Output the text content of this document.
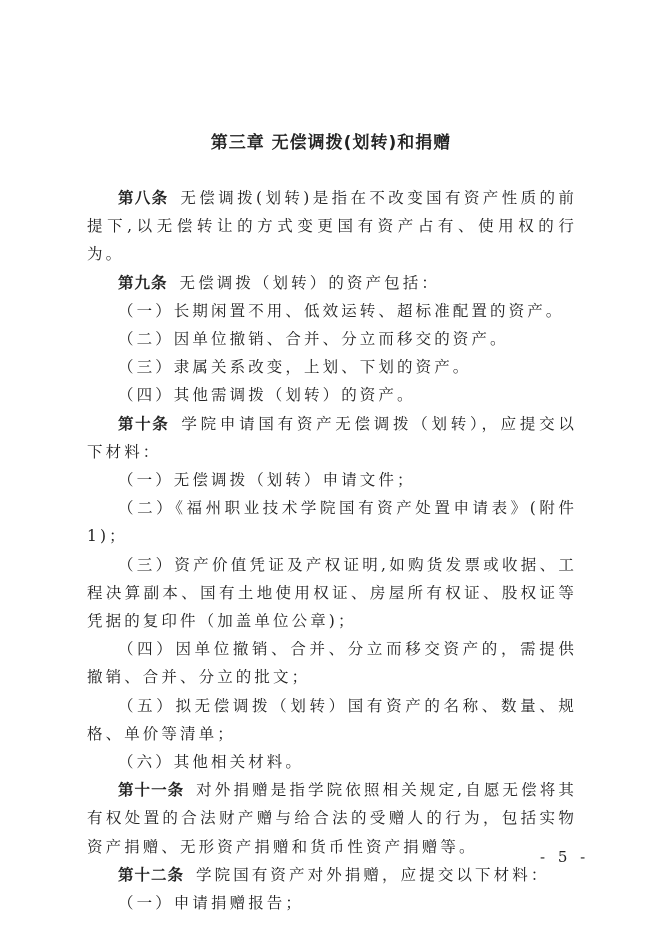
第三章 无偿调拨(划转)和捐赠

第八条 无偿调拨(划转)是指在不改变国有资产性质的前提下,以无偿转让的方式变更国有资产占有、使用权的行为。

第九条 无偿调拨（划转）的资产包括：

（一）长期闲置不用、低效运转、超标准配置的资产。

（二）因单位撤销、合并、分立而移交的资产。

（三）隶属关系改变，上划、下划的资产。

（四）其他需调拨（划转）的资产。

第十条 学院申请国有资产无偿调拨（划转），应提交以下材料：

（一）无偿调拨（划转）申请文件；

（二）《福州职业技术学院国有资产处置申请表》(附件 1)；

（三）资产价值凭证及产权证明,如购货发票或收据、工程决算副本、国有土地使用权证、房屋所有权证、股权证等凭据的复印件（加盖单位公章)；

（四）因单位撤销、合并、分立而移交资产的，需提供撤销、合并、分立的批文；

（五）拟无偿调拨（划转）国有资产的名称、数量、规格、单价等清单；

（六）其他相关材料。

第十一条 对外捐赠是指学院依照相关规定,自愿无偿将其有权处置的合法财产赠与给合法的受赠人的行为，包括实物资产捐赠、无形资产捐赠和货币性资产捐赠等。

第十二条 学院国有资产对外捐赠，应提交以下材料：

（一）申请捐赠报告；

- 5 -
